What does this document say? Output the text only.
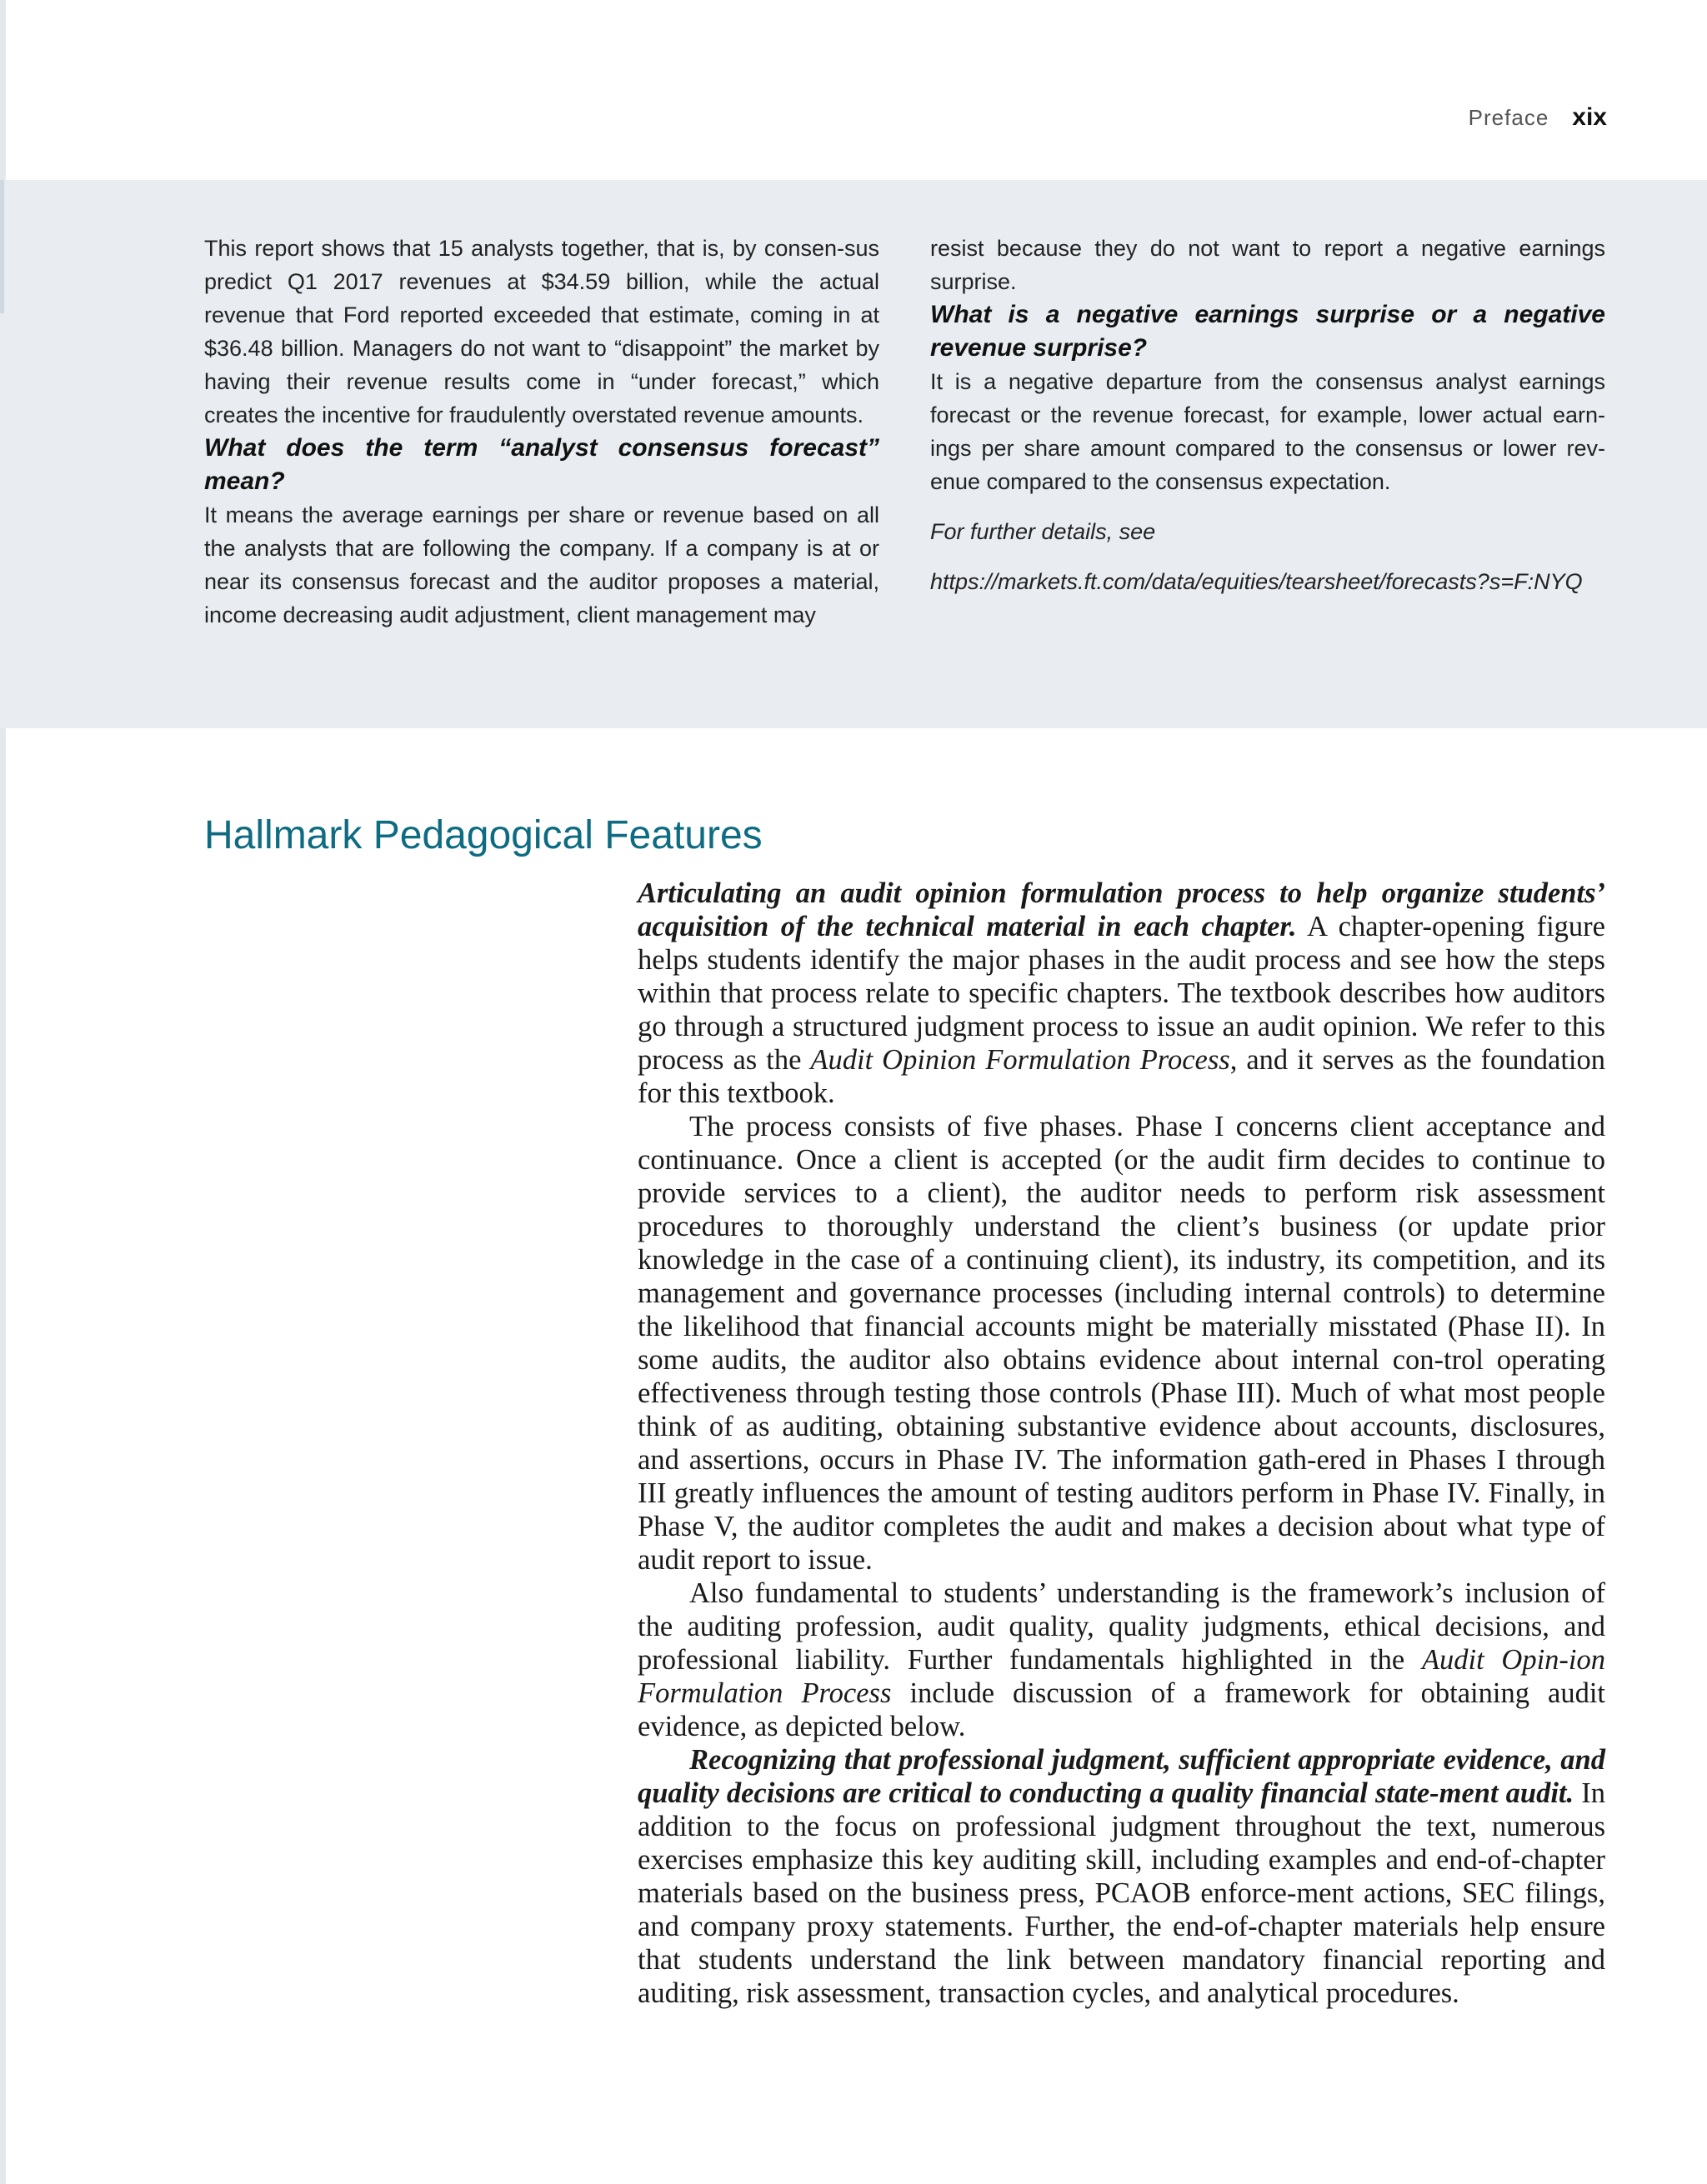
Preface xix

This report shows that 15 analysts together, that is, by consen-sus predict Q1 2017 revenues at $34.59 billion, while the actual revenue that Ford reported exceeded that estimate, coming in at $36.48 billion. Managers do not want to “disappoint” the market by having their revenue results come in “under forecast,” which creates the incentive for fraudulently overstated revenue amounts.

What does the term “analyst consensus forecast” mean?

It means the average earnings per share or revenue based on all the analysts that are following the company. If a company is at or near its consensus forecast and the auditor proposes a material, income decreasing audit adjustment, client management may

resist because they do not want to report a negative earnings surprise.

What is a negative earnings surprise or a negative revenue surprise?

It is a negative departure from the consensus analyst earnings forecast or the revenue forecast, for example, lower actual earn-ings per share amount compared to the consensus or lower rev-enue compared to the consensus expectation.

For further details, see

https://markets.ft.com/data/equities/tearsheet/forecasts?s=F:NYQ

Hallmark Pedagogical Features

Articulating an audit opinion formulation process to help organize students’ acquisition of the technical material in each chapter. A chapter-opening figure helps students identify the major phases in the audit process and see how the steps within that process relate to specific chapters. The textbook describes how auditors go through a structured judgment process to issue an audit opinion. We refer to this process as the Audit Opinion Formulation Process, and it serves as the foundation for this textbook.

The process consists of five phases. Phase I concerns client acceptance and continuance. Once a client is accepted (or the audit firm decides to continue to provide services to a client), the auditor needs to perform risk assessment procedures to thoroughly understand the client’s business (or update prior knowledge in the case of a continuing client), its industry, its competition, and its management and governance processes (including internal controls) to determine the likelihood that financial accounts might be materially misstated (Phase II). In some audits, the auditor also obtains evidence about internal con-trol operating effectiveness through testing those controls (Phase III). Much of what most people think of as auditing, obtaining substantive evidence about accounts, disclosures, and assertions, occurs in Phase IV. The information gath-ered in Phases I through III greatly influences the amount of testing auditors perform in Phase IV. Finally, in Phase V, the auditor completes the audit and makes a decision about what type of audit report to issue.

Also fundamental to students’ understanding is the framework’s inclusion of the auditing profession, audit quality, quality judgments, ethical decisions, and professional liability. Further fundamentals highlighted in the Audit Opin-ion Formulation Process include discussion of a framework for obtaining audit evidence, as depicted below.

Recognizing that professional judgment, sufficient appropriate evidence, and quality decisions are critical to conducting a quality financial state-ment audit. In addition to the focus on professional judgment throughout the text, numerous exercises emphasize this key auditing skill, including examples and end-of-chapter materials based on the business press, PCAOB enforce-ment actions, SEC filings, and company proxy statements. Further, the end-of-chapter materials help ensure that students understand the link between mandatory financial reporting and auditing, risk assessment, transaction cycles, and analytical procedures.
